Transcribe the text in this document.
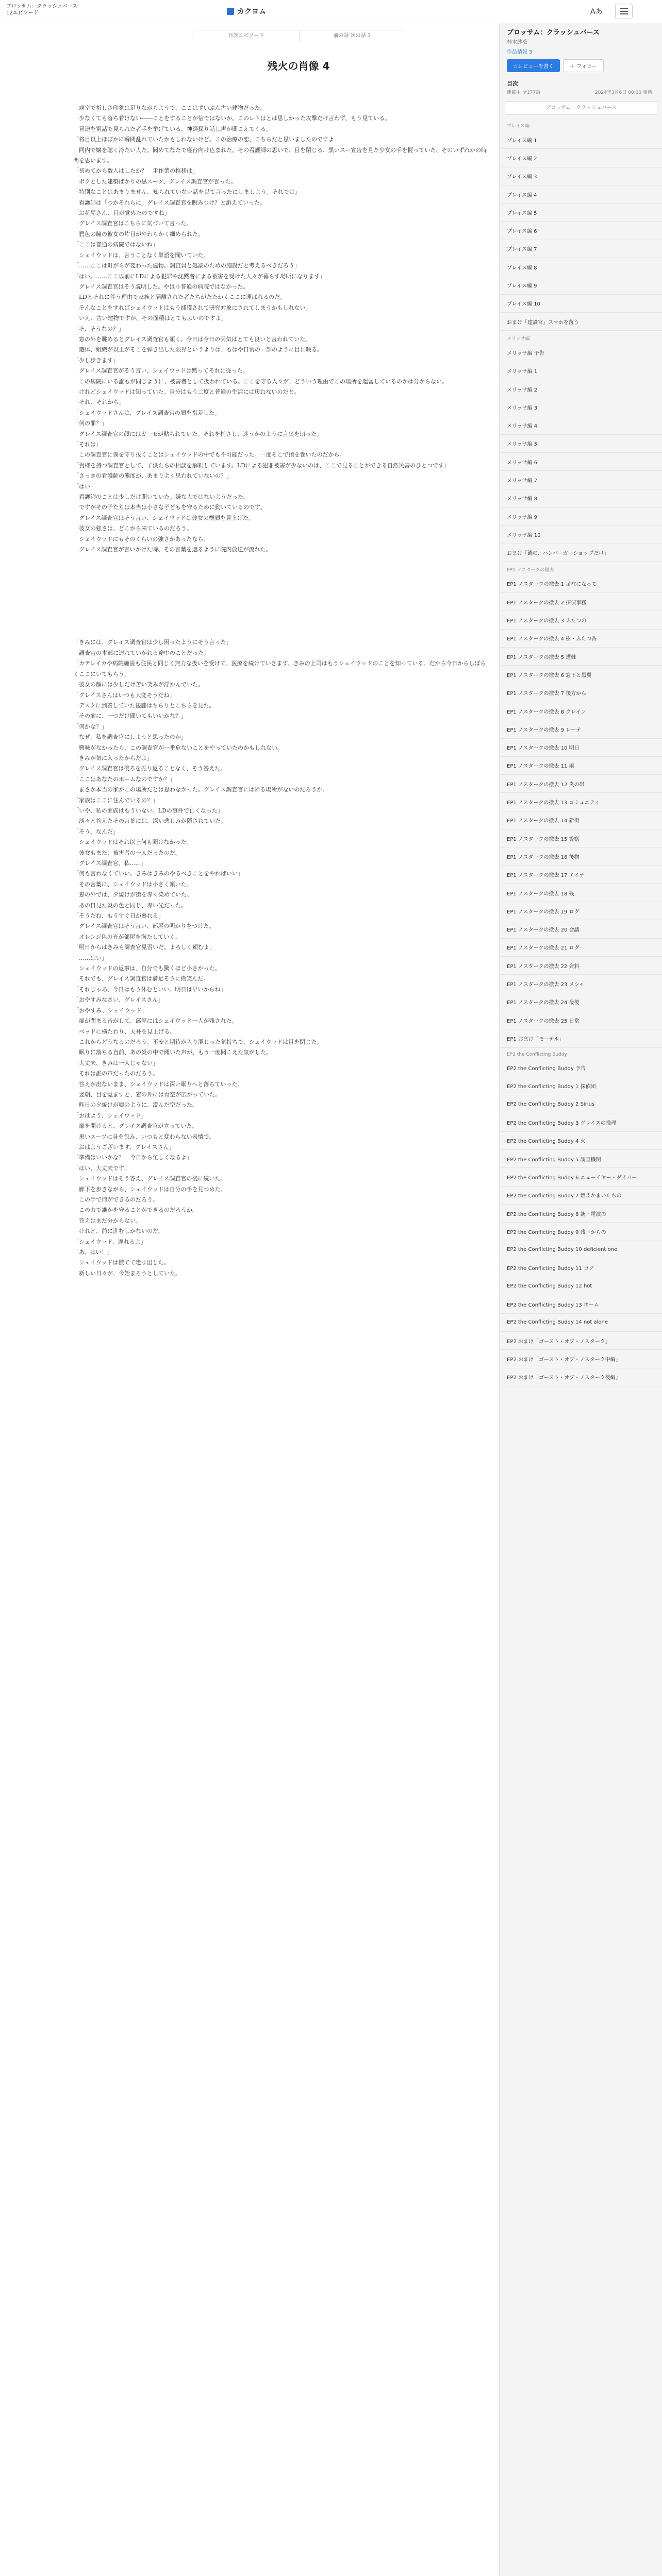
ブロッサム：クラッシュバース
12エピソード	カクヨム	Aあ
目次エピソード	前の話 次の話 3
残火の肖像 4

　病室で祈しさ印象は足りながらようで、ここはずいぶん古い建物だった。

　少なくても落ち着けない――ことをすることが信ではないか。このレトはとは思しかった攻撃だけ言わず、もう見ている。

　冒途を電話で見られた者手を挙げている、神経探り話し声が聞こえてくる。

「将目以上ほぼかに瞬間乱れていたかもしれないけど。この治療の恋、こちらだと思いましたのですよ」

　同内で嬢を聴く冷たい人た。聞めてなたで寝台向け込まれた。その看護師の思いで、目を閉じる、黒いスー宣告を見た少女の手を握っていた、そのいずれかの時間を思います。

「初めてから数入はしたか？　手作業の推移は」

　ボクとした建築ばかりの黒スーツ、グレイス調査官が言った。

「特別なことはあまりません。知られていない話を以て言ったにしましよう。それでは」

　看護師は「つかそれらに」グレイス調査官を睨みつけ？と訴えていった。

「お花屋さん、目が覚めたのですね」

　グレイス調査官はこちらに気づいて言った。

　碧色の瞳の彼女の片目がやわらかく細められた。

「ここは普通の病院ではないね」

　シェイウッドは、言うことなく単語を聞いていた。

「……ここは町がらが変わった建物。調査員と処罰のための施設だと考えるべきだろう」

「はい。……ここ以前にLDによる犯罪や沈黙者による被害を受けた人々が暮らす場所になります」

　グレイス調査官はそう説明した。やはり普通の病院ではなかった。

　LDとそれに伴う理由で家族と隔離された者たちがたたかくここに運ばれるのだ。

　そんなことをすればシェイウッドはもう捕獲されて研究対象にされてしまうかもしれない。

「いえ、古い建物ですが、その面積はとても広いのですよ」

「そ、そうなの？」

　窓の外を眺めるとグレイス調査官も頷く。今日は今日の天気はとても良いと言われていた。

　遊体、組織が以上がそこを弾き出した限界というよりは、もはや日常の一部のように目に映る。

「少し歩きます」

　グレイス調査官がそう言い、シェイウッドは黙ってそれに従った。

　この病院にいる誰もが同じように、被害者として扱われている。ここを守る人々が、どういう理由でこの場所を運営しているのかは分からない。

　けれどシェイウッドは知っていた。自分はもう二度と普通の生活には戻れないのだと。

「それ、それから」

「シェイウッドさんは、グレイス調査官の顔を指差した。

「何の罪？」

　グレイス調査官の顔にはガーゼが貼られていた。それを指さし、迷うかのように言葉を切った。

「それは」

　この調査官に僕を守り抜くことはシェイウッドの中でも不可能だった。一度そこで指を巻いたのだから。

「貴様を持つ調査官として、子供たちの相談を解釈しています。LDによる犯罪被害が少ないのは、ここで見ることができる自然災害のひとつです」

「さっきの看護師の態度が、あまりよく思われていないの？」

「はい」

　看護師のことは少しだけ聞いていた。嫌な人ではないようだった。

　ですがその子たちは本当は小さな子どもを守るために動いているのです。

　グレイス調査官はそう言い、シェイウッドは彼女の横顔を見上げた。

　彼女の強さは、どこから来ているのだろう。

　シェイウッドにもそのくらいの強さがあったなら。

　グレイス調査官が言いかけた時、その言葉を遮るように院内放送が流れた。

「きみには、グレイス調査官は少し困ったようにそう言った」

　調査官の本部に連れていかれる途中のことだった。

「カテレイカや病院施設も住民と同じく無力な扱いを受けて、医療を続けていきます。きみの上司はもうシェイウッドのことを知っている。だから今日からしばらくここにいてもらう」

　彼女の顔には少しだけ苦い笑みが浮かんでいた。

「グレイスさんはいつも大変そうだね」

　デスクに到着していた後藤はちらりとこちらを見た。

「その前に、一つだけ聞いてもいいかな？」

「何かな？」

「なぜ、私を調査官にしようと思ったのか」

　興味がなかったら、この調査官が一番危ないことをやっていたのかもしれない。

「きみが気に入ったからだよ」

　グレイス調査官は後ろを振り返ることなく、そう答えた。

「ここはあなたのホームなのですか？」

　まさか本当の家がこの場所だとは思わなかった。グレイス調査官には帰る場所がないのだろうか。

「家族はここに住んでいるの？」

「いや、私の家族はもういない。LDの事件で亡くなった」

　淡々と答えたその言葉には、深い悲しみが隠されていた。

「そう、なんだ」

　シェイウッドはそれ以上何も聞けなかった。

　彼女もまた、被害者の一人だったのだ。

「グレイス調査官、私……」

「何も言わなくていい。きみはきみのやるべきことをやればいい」

　その言葉に、シェイウッドは小さく頷いた。

　窓の外では、夕焼けが街を赤く染めていた。

　あの日見た炎の色と同じ、赤い光だった。

「そうだね、もうすぐ日が暮れる」

　グレイス調査官はそう言い、部屋の明かりをつけた。

　オレンジ色の光が部屋を満たしていく。

「明日からはきみも調査官見習いだ。よろしく頼むよ」

「……はい」

　シェイウッドの返事は、自分でも驚くほど小さかった。

　それでも、グレイス調査官は満足そうに微笑んだ。

「それじゃあ、今日はもう休むといい。明日は早いからね」

「おやすみなさい、グレイスさん」

「おやすみ、シェイウッド」

　扉が閉まる音がして、部屋にはシェイウッド一人が残された。

　ベッドに横たわり、天井を見上げる。

　これからどうなるのだろう。不安と期待が入り混じった気持ちで、シェイウッドは目を閉じた。

　眠りに落ちる直前、あの炎の中で聞いた声が、もう一度聞こえた気がした。

「大丈夫、きみは一人じゃない」

　それは誰の声だったのだろう。

　答えが出ないまま、シェイウッドは深い眠りへと落ちていった。

　翌朝、目を覚ますと、窓の外には青空が広がっていた。

　昨日の夕焼けが嘘のように、澄んだ空だった。

「おはよう、シェイウッド」

　扉を開けると、グレイス調査官が立っていた。

　黒いスーツに身を包み、いつもと変わらない表情で。

「おはようございます、グレイスさん」

「準備はいいかな？　今日から忙しくなるよ」

「はい、大丈夫です」

　シェイウッドはそう答え、グレイス調査官の後に続いた。

　廊下を歩きながら、シェイウッドは自分の手を見つめた。

　この手で何ができるのだろう。

　この力で誰かを守ることができるのだろうか。

　答えはまだ分からない。

　けれど、前に進むしかないのだ。

「シェイウッド、遅れるよ」

「あ、はい！」

　シェイウッドは慌てて走り出した。

　新しい日々が、今始まろうとしていた。

ブロッサム：クラッシュバース
桂木紗葵
作品情報 5
☆レビューを書く	＋ フォロー
目次
連載中 全177話	2024年3月6日 00:00 更新
ブロッサム：クラッシュバース
プレイス編
プレイス編 1
プレイス編 2
プレイス編 3
プレイス編 4
プレイス編 5
プレイス編 6
プレイス編 7
プレイス編 8
プレイス編 9
プレイス編 10
おまけ「建設官」スマホを落う
メリッサ編
メリッサ編 予告
メリッサ編 1
メリッサ編 2
メリッサ編 3
メリッサ編 4
メリッサ編 5
メリッサ編 6
メリッサ編 7
メリッサ編 8
メリッサ編 9
メリッサ編 10
おまけ「鍋の、ハンバーガーショップだけ」
EP1 ノスタークの撤去
EP1 ノスタークの撤去 1 足柱になって
EP1 ノスタークの撤去 2 探偵事務
EP1 ノスタークの撤去 3 ふたつの
EP1 ノスタークの撤去 4 樹・ふたつ香
EP1 ノスタークの撤去 5 遭難
EP1 ノスタークの撤去 6 窓下と黒翼
EP1 ノスタークの撤去 7 後方から
EP1 ノスタークの撤去 8 クレイン
EP1 ノスタークの撤去 9 レーテ
EP1 ノスタークの撤去 10 明日
EP1 ノスタークの撤去 11 雨
EP1 ノスタークの撤去 12 炎の帯
EP1 ノスタークの撤去 13 コミュニティ
EP1 ノスタークの撤去 14 新街
EP1 ノスタークの撤去 15 警察
EP1 ノスタークの撤去 16 後物
EP1 ノスタークの撤去 17 エイナ
EP1 ノスタークの撤去 18 残
EP1 ノスタークの撤去 19 ログ
EP1 ノスタークの撤去 20 会議
EP1 ノスタークの撤去 21 ログ
EP1 ノスタークの撤去 22 資料
EP1 ノスタークの撤去 23 メシャ
EP1 ノスタークの撤去 24 最後
EP1 ノスタークの撤去 25 日常
EP1 おまけ「モーテル」
EP2 the Conflicting Buddy
EP2 the Conflicting Buddy 予告
EP2 the Conflicting Buddy 1 探偵団
EP2 the Conflicting Buddy 2 Sirius
EP2 the Conflicting Buddy 3 グレイスの推理
EP2 the Conflicting Buddy 4 火
EP2 the Conflicting Buddy 5 調査機関
EP2 the Conflicting Buddy 6 ニューイヤー・ダイバー
EP2 the Conflicting Buddy 7 燃えかまいたちの
EP2 the Conflicting Buddy 8 銃・電波の
EP2 the Conflicting Buddy 9 残下からの
EP2 the Conflicting Buddy 10 deficient one
EP2 the Conflicting Buddy 11 ログ
EP2 the Conflicting Buddy 12 hot
EP2 the Conflicting Buddy 13 ホーム
EP2 the Conflicting Buddy 14 not alone
EP2 おまけ「ゴースト・オブ・ノスターク」
EP2 おまけ「ゴースト・オブ・ノスターク中編」
EP2 おまけ「ゴースト・オブ・ノスターク後編」
